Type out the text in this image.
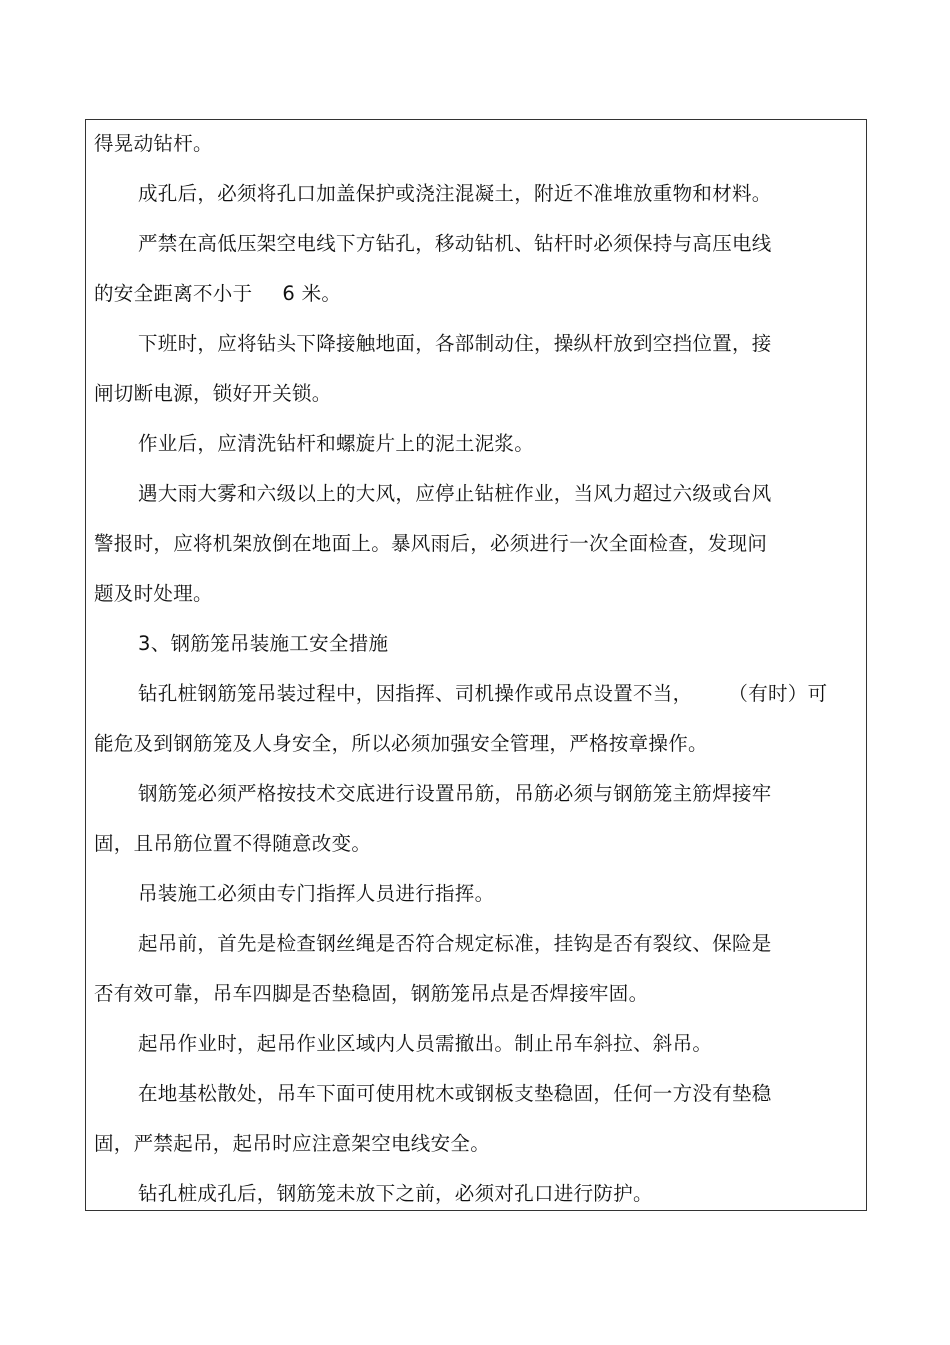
得晃动钻杆。
成孔后，必须将孔口加盖保护或浇注混凝土，附近不准堆放重物和材料。
严禁在高低压架空电线下方钻孔，移动钻机、钻杆时必须保持与高压电线
的安全距离不小于 6 米。
下班时，应将钻头下降接触地面，各部制动住，操纵杆放到空挡位置，接
闸切断电源，锁好开关锁。
作业后，应清洗钻杆和螺旋片上的泥土泥浆。
遇大雨大雾和六级以上的大风，应停止钻桩作业，当风力超过六级或台风
警报时，应将机架放倒在地面上。暴风雨后，必须进行一次全面检查，发现问
题及时处理。
3、钢筋笼吊装施工安全措施
钻孔桩钢筋笼吊装过程中，因指挥、司机操作或吊点设置不当， （有时）可
能危及到钢筋笼及人身安全，所以必须加强安全管理，严格按章操作。
钢筋笼必须严格按技术交底进行设置吊筋，吊筋必须与钢筋笼主筋焊接牢
固，且吊筋位置不得随意改变。
吊装施工必须由专门指挥人员进行指挥。
起吊前，首先是检查钢丝绳是否符合规定标准，挂钩是否有裂纹、保险是
否有效可靠，吊车四脚是否垫稳固，钢筋笼吊点是否焊接牢固。
起吊作业时，起吊作业区域内人员需撤出。制止吊车斜拉、斜吊。
在地基松散处，吊车下面可使用枕木或钢板支垫稳固，任何一方没有垫稳
固，严禁起吊，起吊时应注意架空电线安全。
钻孔桩成孔后，钢筋笼未放下之前，必须对孔口进行防护。
